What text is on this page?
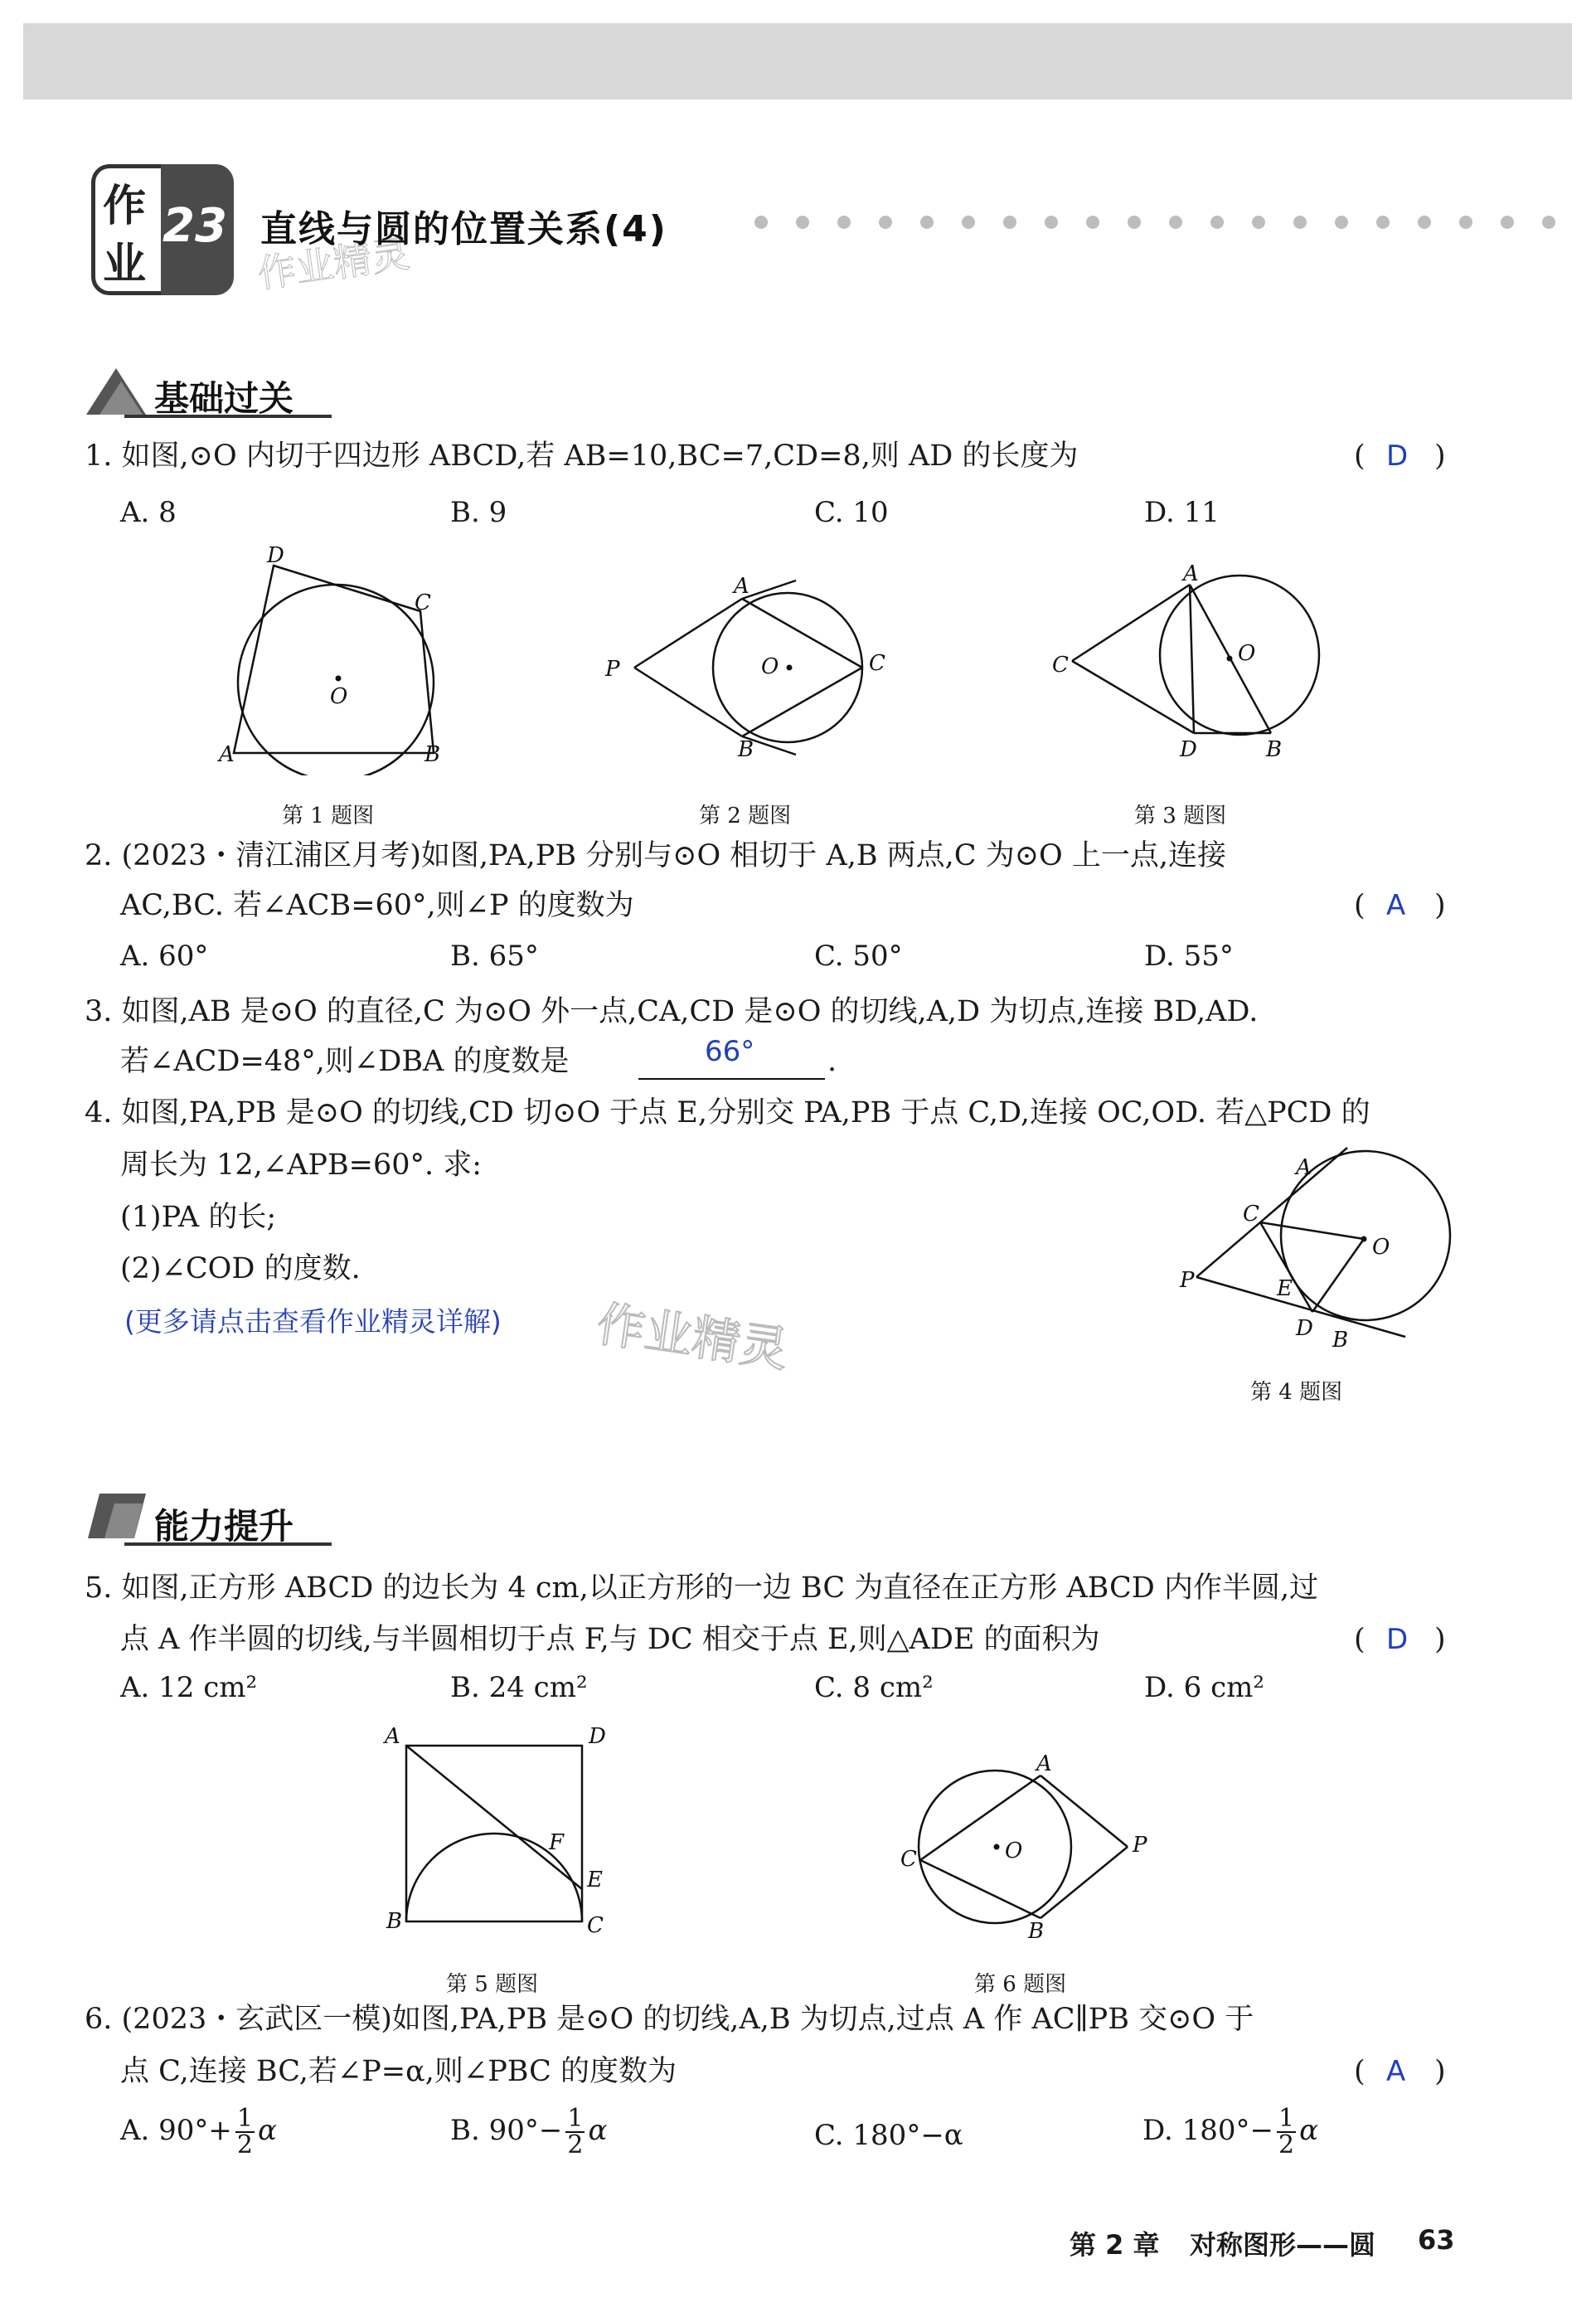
作
业
23
作业精灵
直线与圆的位置关系(4)
基础过关
1. 如图,⊙O 内切于四边形 ABCD,若 AB=10,BC=7,CD=8,则 AD 的长度为	( D )
A. 8	B. 9	C. 10	D. 11
D
C
O
A	B
第 1 题图
A
P	O	C
B
第 2 题图
A
O
C
D	B
第 3 题图
2. (2023・清江浦区月考)如图,PA,PB 分别与⊙O 相切于 A,B 两点,C 为⊙O 上一点,连接
AC,BC. 若∠ACB=60°,则∠P 的度数为	( A )
A. 60°	B. 65°	C. 50°	D. 55°
3. 如图,AB 是⊙O 的直径,C 为⊙O 外一点,CA,CD 是⊙O 的切线,A,D 为切点,连接 BD,AD.
若∠ACD=48°,则∠DBA 的度数是	66°	.
4. 如图,PA,PB 是⊙O 的切线,CD 切⊙O 于点 E,分别交 PA,PB 于点 C,D,连接 OC,OD. 若△PCD 的
周长为 12,∠APB=60°. 求:
(1)PA 的长;
(2)∠COD 的度数.
(更多请点击查看作业精灵详解) 作业精灵
A
C
O
P	E
D B
第 4 题图
能力提升
5. 如图,正方形 ABCD 的边长为 4 cm,以正方形的一边 BC 为直径在正方形 ABCD 内作半圆,过
点 A 作半圆的切线,与半圆相切于点 F,与 DC 相交于点 E,则△ADE 的面积为	( D )
A. 12 cm²	B. 24 cm²	C. 8 cm²	D. 6 cm²
A	D
F
E
B	C
第 5 题图
A
C	O	P
B
第 6 题图
6. (2023・玄武区一模)如图,PA,PB 是⊙O 的切线,A,B 为切点,过点 A 作 AC∥PB 交⊙O 于
点 C,连接 BC,若∠P=α,则∠PBC 的度数为	( A )
A. $90^\circ+ \frac{1}{2}$ α	B. $90^\circ- \frac{1}{2}$ α	C. 180°−α	D. $180^\circ- \frac{1}{2}$ α
第 2 章 对称图形——圆 63
